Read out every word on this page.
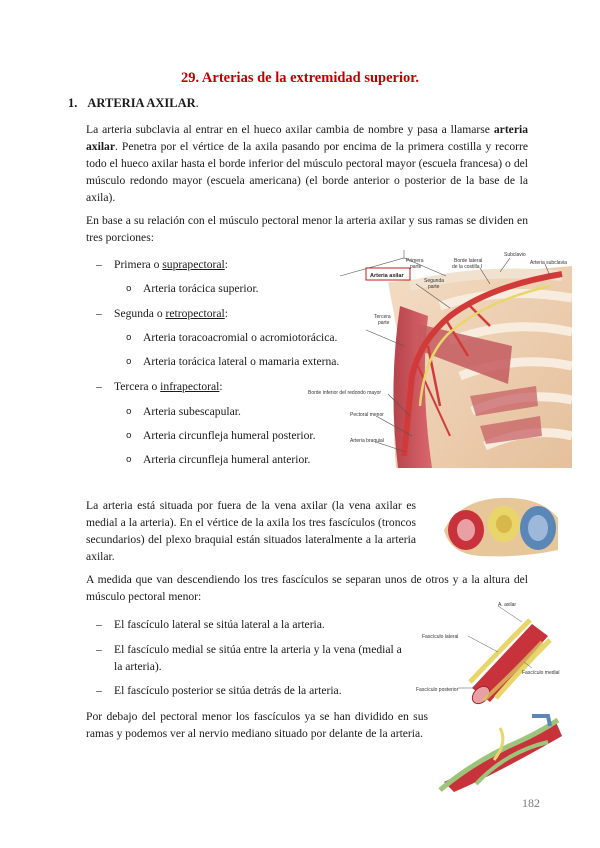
29. Arterias de la extremidad superior.
1. ARTERIA AXILAR.

La arteria subclavia al entrar en el hueco axilar cambia de nombre y pasa a llamarse arteria axilar. Penetra por el vértice de la axila pasando por encima de la primera costilla y recorre todo el hueco axilar hasta el borde inferior del músculo pectoral mayor (escuela francesa) o del músculo redondo mayor (escuela americana) (el borde anterior o posterior de la base de la axila).

En base a su relación con el músculo pectoral menor la arteria axilar y sus ramas se dividen en tres porciones:

– Primera o suprapectoral:
o Arteria torácica superior.
– Segunda o retropectoral:
o Arteria toracoacromial o acromiotorácica.
o Arteria torácica lateral o mamaria externa.
– Tercera o infrapectoral:
o Arteria subescapular.
o Arteria circunfleja humeral posterior.
o Arteria circunfleja humeral anterior.
Arteria axilar
Primera
parte
Borde lateral
de la costilla I
Subclavio
Arteria subclavia
Segunda
parte
Tercera
parte
Borde inferior del redondo mayor
Pectoral menor
Arteria braquial

La arteria está situada por fuera de la vena axilar (la vena axilar es medial a la arteria). En el vértice de la axila los tres fascículos (troncos secundarios) del plexo braquial están situados lateralmente a la arteria axilar.

A medida que van descendiendo los tres fascículos se separan unos de otros y a la altura del músculo pectoral menor:

– El fascículo lateral se sitúa lateral a la arteria.
– El fascículo medial se sitúa entre la arteria y la vena (medial a la arteria).
– El fascículo posterior se sitúa detrás de la arteria.
A. axilar
Fascículo lateral
Fascículo medial
Fascículo posterior

Por debajo del pectoral menor los fascículos ya se han dividido en sus ramas y podemos ver al nervio mediano situado por delante de la arteria.

182
